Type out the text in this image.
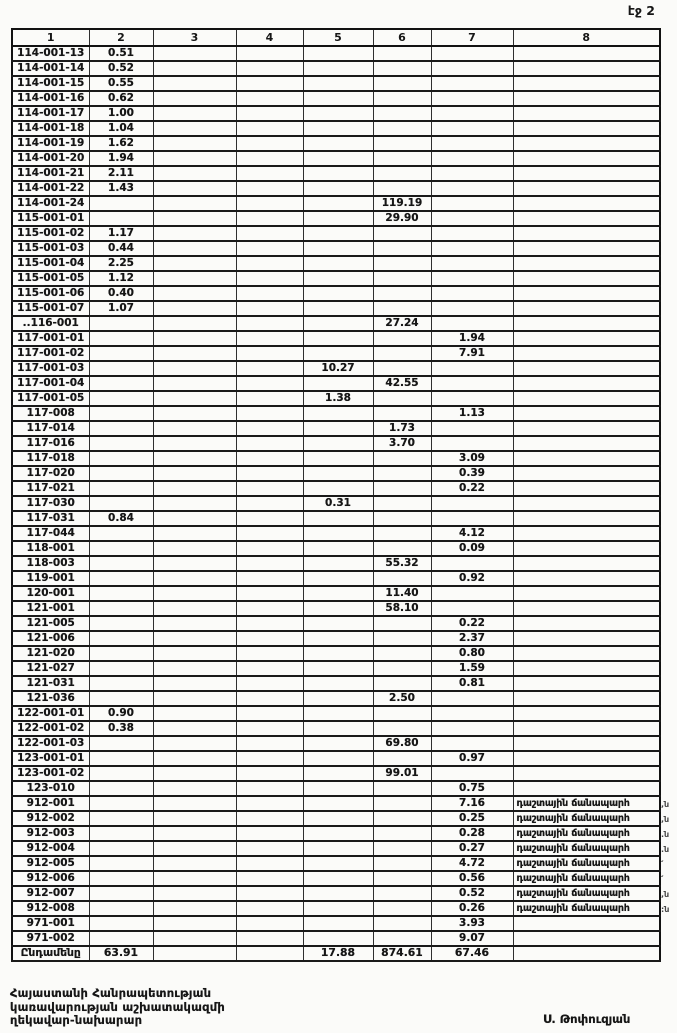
էջ 2
1	2	3	4	5	6	7	8
114-001-13	0.51						
114-001-14	0.52						
114-001-15	0.55						
114-001-16	0.62						
114-001-17	1.00						
114-001-18	1.04						
114-001-19	1.62						
114-001-20	1.94						
114-001-21	2.11						
114-001-22	1.43						
114-001-24					119.19		
115-001-01					29.90		
115-001-02	1.17						
115-001-03	0.44						
115-001-04	2.25						
115-001-05	1.12						
115-001-06	0.40						
115-001-07	1.07						
..116-001					27.24		
117-001-01						1.94	
117-001-02						7.91	
117-001-03				10.27			
117-001-04					42.55		
117-001-05				1.38			
117-008						1.13	
117-014					1.73		
117-016					3.70		
117-018						3.09	
117-020						0.39	
117-021						0.22	
117-030				0.31			
117-031	0.84						
117-044						4.12	
118-001						0.09	
118-003					55.32		
119-001						0.92	
120-001					11.40		
121-001					58.10		
121-005						0.22	
121-006						2.37	
121-020						0.80	
121-027						1.59	
121-031						0.81	
121-036					2.50		
122-001-01	0.90						
122-001-02	0.38						
122-001-03					69.80		
123-001-01						0.97	
123-001-02					99.01		
123-010						0.75	
912-001						7.16	դաշտային ճանապարհ
912-002						0.25	դաշտային ճանապարհ
912-003						0.28	դաշտային ճանապարհ
912-004						0.27	դաշտային ճանապարհ
912-005						4.72	դաշտային ճանապարհ
912-006						0.56	դաշտային ճանապարհ
912-007						0.52	դաշտային ճանապարհ
912-008						0.26	դաշտային ճանապարհ
971-001						3.93	
971-002						9.07	
Ընդամենը	63.91			17.88	874.61	67.46	
,ն
,ն
.ն
.ն
՛
՛
,ն
:ն
Հայաստանի Հանրապետության
կառավարության աշխատակազմի
ղեկավար-նախարար	Ս. Թոփուզյան
